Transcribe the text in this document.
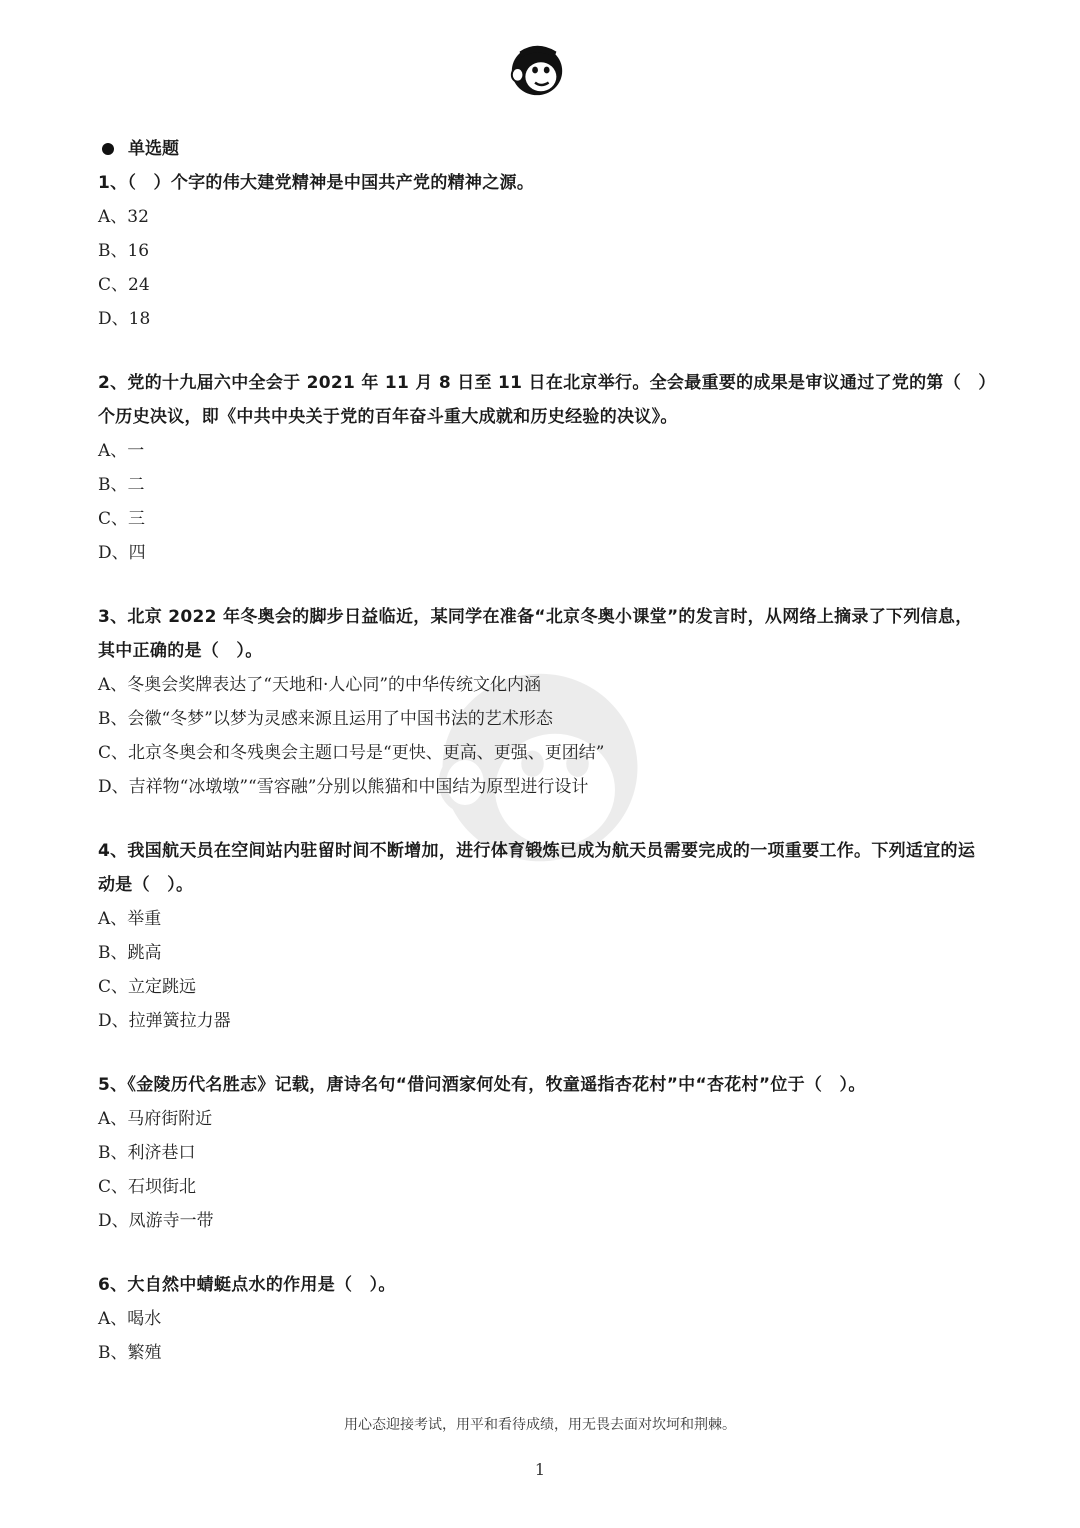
单选题
1、（　）个字的伟大建党精神是中国共产党的精神之源。
A、32
B、16
C、24
D、18
2、党的十九届六中全会于 2021 年 11 月 8 日至 11 日在北京举行。全会最重要的成果是审议通过了党的第（　）个历史决议，即《中共中央关于党的百年奋斗重大成就和历史经验的决议》。
A、一
B、二
C、三
D、四
3、北京 2022 年冬奥会的脚步日益临近，某同学在准备“北京冬奥小课堂”的发言时，从网络上摘录了下列信息，其中正确的是（　）。
A、冬奥会奖牌表达了“天地和·人心同”的中华传统文化内涵
B、会徽“冬梦”以梦为灵感来源且运用了中国书法的艺术形态
C、北京冬奥会和冬残奥会主题口号是“更快、更高、更强、更团结”
D、吉祥物“冰墩墩”“雪容融”分别以熊猫和中国结为原型进行设计
4、我国航天员在空间站内驻留时间不断增加，进行体育锻炼已成为航天员需要完成的一项重要工作。下列适宜的运动是（　）。
A、举重
B、跳高
C、立定跳远
D、拉弹簧拉力器
5、《金陵历代名胜志》记载，唐诗名句“借问酒家何处有，牧童遥指杏花村”中“杏花村”位于（　）。
A、马府街附近
B、利济巷口
C、石坝街北
D、凤游寺一带
6、大自然中蜻蜓点水的作用是（　）。
A、喝水
B、繁殖
用心态迎接考试，用平和看待成绩，用无畏去面对坎坷和荆棘。
1
